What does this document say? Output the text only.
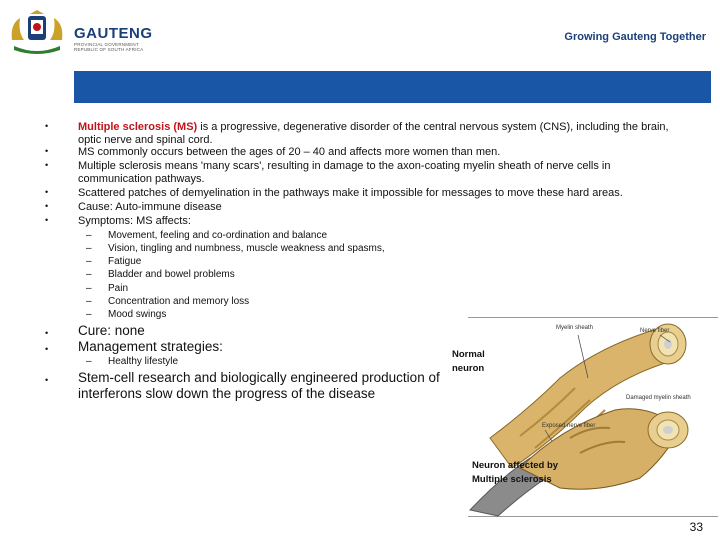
GAUTENG
PROVINCIAL GOVERNMENT
REPUBLIC OF SOUTH AFRICA
Growing Gauteng Together
•	Multiple sclerosis (MS) is a progressive, degenerative disorder of the central nervous system (CNS), including the brain, optic nerve and spinal cord.
•	MS commonly occurs between the ages of 20 – 40 and affects more women than men.
•	Multiple sclerosis means 'many scars', resulting in damage to the axon-coating myelin sheath of nerve cells in communication pathways.
•	Scattered patches of demyelination in the pathways make it impossible for messages to move these hard areas.
•	Cause: Auto-immune disease
•	Symptoms: MS affects:
– Movement, feeling and co-ordination and balance
– Vision, tingling and numbness, muscle weakness and spasms,
– Fatigue
– Bladder and bowel problems
– Pain
– Concentration and memory loss
– Mood swings
• Cure: none
• Management strategies:
– Healthy lifestyle
• Stem-cell research and biologically engineered production of interferons slow down the progress of the disease
Myelin sheath	Nerve fiber
Damaged myelin sheath
Exposed nerve fiber
Normal neuron
Neuron affected by Multiple sclerosis
33
